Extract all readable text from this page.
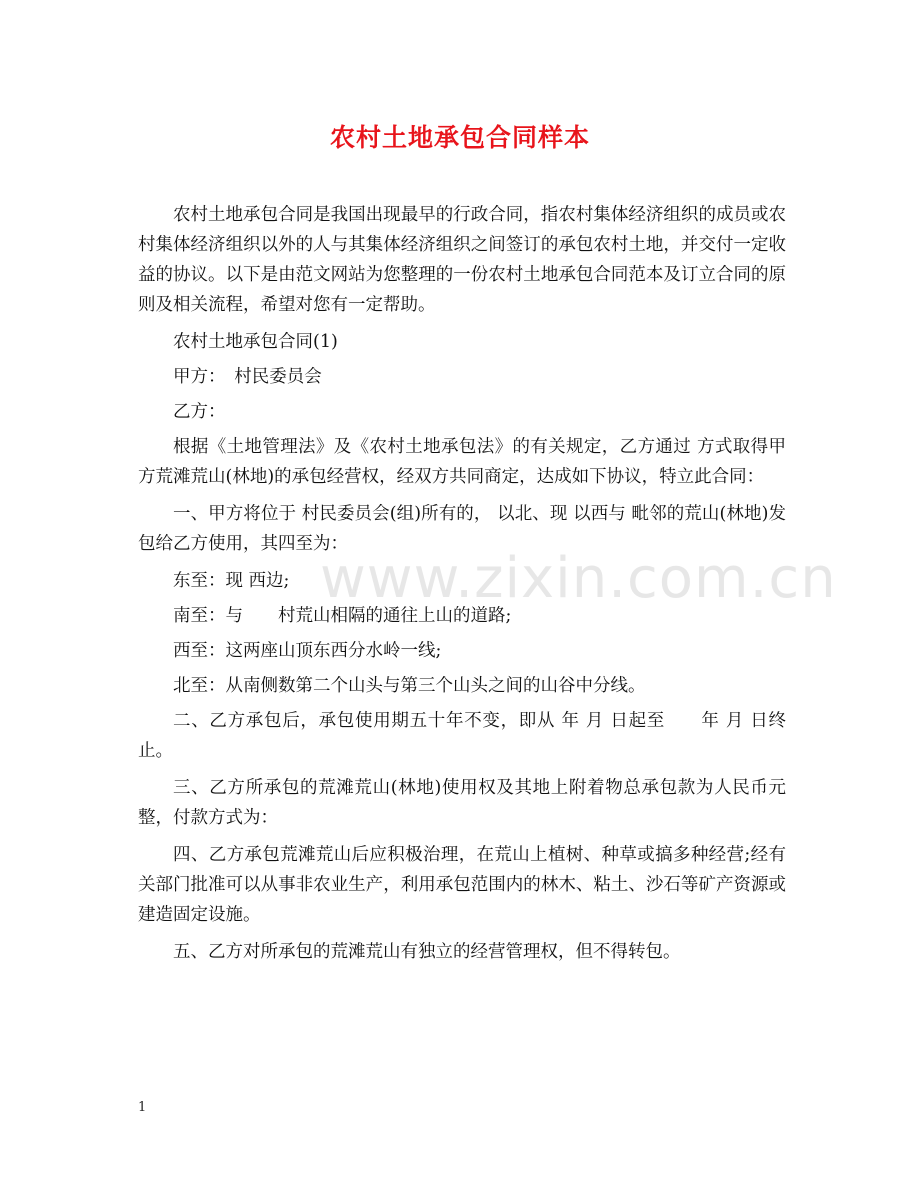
农村土地承包合同样本
www.zixin.com.cn

农村土地承包合同是我国出现最早的行政合同，指农村集体经济组织的成员或农村集体经济组织以外的人与其集体经济组织之间签订的承包农村土地，并交付一定收益的协议。以下是由范文网站为您整理的一份农村土地承包合同范本及订立合同的原则及相关流程，希望对您有一定帮助。

农村土地承包合同(1)

甲方：　村民委员会

乙方：

根据《土地管理法》及《农村土地承包法》的有关规定，乙方通过 方式取得甲方荒滩荒山(林地)的承包经营权，经双方共同商定，达成如下协议，特立此合同：

一、甲方将位于 村民委员会(组)所有的， 以北、现 以西与 毗邻的荒山(林地)发包给乙方使用，其四至为：

东至：现 西边;

南至：与　　村荒山相隔的通往上山的道路;

西至：这两座山顶东西分水岭一线;

北至：从南侧数第二个山头与第三个山头之间的山谷中分线。

二、乙方承包后，承包使用期五十年不变，即从 年 月 日起至　　年 月 日终止。

三、乙方所承包的荒滩荒山(林地)使用权及其地上附着物总承包款为人民币元整，付款方式为：

四、乙方承包荒滩荒山后应积极治理，在荒山上植树、种草或搞多种经营;经有关部门批准可以从事非农业生产，利用承包范围内的林木、粘土、沙石等矿产资源或建造固定设施。

五、乙方对所承包的荒滩荒山有独立的经营管理权，但不得转包。

1
